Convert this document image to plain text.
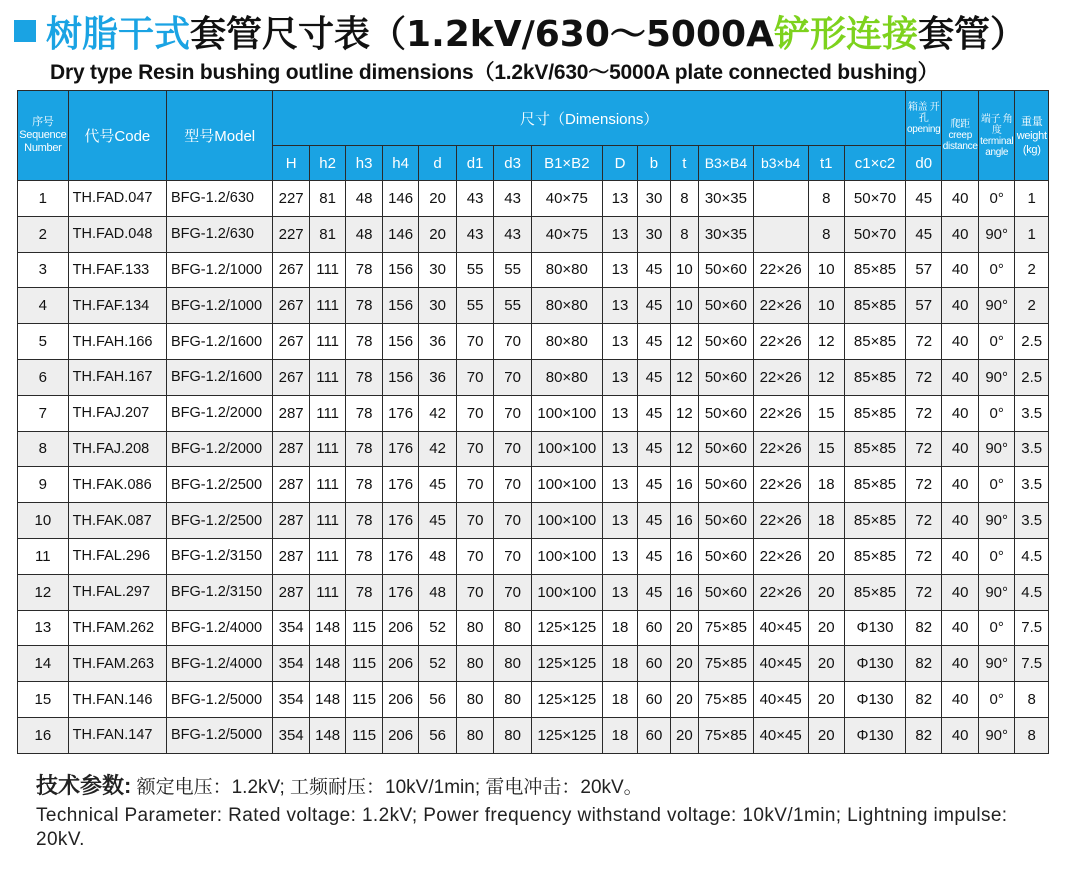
树脂干式 套管尺寸表（1.2kV/630～5000A 铲形连接 套管）
Dry type Resin bushing outline dimensions（1.2kV/630～5000A plate connected bushing）
序号 Sequence Number	代号Code	型号Model	尺寸（Dimensions）															箱盖 开孔 opening	爬距 creep distance	端子 角度 terminal angle	重量 weight (kg)
			H	h2	h3	h4	d	d1	d3	B1×B2	D	b	t	B3×B4	b3×b4	t1	c1×c2	d0			
1	TH.FAD.047	BFG-1.2/630	227	81	48	146	20	43	43	40×75	13	30	8	30×35		8	50×70	45	40	0°	1
2	TH.FAD.048	BFG-1.2/630	227	81	48	146	20	43	43	40×75	13	30	8	30×35		8	50×70	45	40	90°	1
3	TH.FAF.133	BFG-1.2/1000	267	111	78	156	30	55	55	80×80	13	45	10	50×60	22×26	10	85×85	57	40	0°	2
4	TH.FAF.134	BFG-1.2/1000	267	111	78	156	30	55	55	80×80	13	45	10	50×60	22×26	10	85×85	57	40	90°	2
5	TH.FAH.166	BFG-1.2/1600	267	111	78	156	36	70	70	80×80	13	45	12	50×60	22×26	12	85×85	72	40	0°	2.5
6	TH.FAH.167	BFG-1.2/1600	267	111	78	156	36	70	70	80×80	13	45	12	50×60	22×26	12	85×85	72	40	90°	2.5
7	TH.FAJ.207	BFG-1.2/2000	287	111	78	176	42	70	70	100×100	13	45	12	50×60	22×26	15	85×85	72	40	0°	3.5
8	TH.FAJ.208	BFG-1.2/2000	287	111	78	176	42	70	70	100×100	13	45	12	50×60	22×26	15	85×85	72	40	90°	3.5
9	TH.FAK.086	BFG-1.2/2500	287	111	78	176	45	70	70	100×100	13	45	16	50×60	22×26	18	85×85	72	40	0°	3.5
10	TH.FAK.087	BFG-1.2/2500	287	111	78	176	45	70	70	100×100	13	45	16	50×60	22×26	18	85×85	72	40	90°	3.5
11	TH.FAL.296	BFG-1.2/3150	287	111	78	176	48	70	70	100×100	13	45	16	50×60	22×26	20	85×85	72	40	0°	4.5
12	TH.FAL.297	BFG-1.2/3150	287	111	78	176	48	70	70	100×100	13	45	16	50×60	22×26	20	85×85	72	40	90°	4.5
13	TH.FAM.262	BFG-1.2/4000	354	148	115	206	52	80	80	125×125	18	60	20	75×85	40×45	20	Φ130	82	40	0°	7.5
14	TH.FAM.263	BFG-1.2/4000	354	148	115	206	52	80	80	125×125	18	60	20	75×85	40×45	20	Φ130	82	40	90°	7.5
15	TH.FAN.146	BFG-1.2/5000	354	148	115	206	56	80	80	125×125	18	60	20	75×85	40×45	20	Φ130	82	40	0°	8
16	TH.FAN.147	BFG-1.2/5000	354	148	115	206	56	80	80	125×125	18	60	20	75×85	40×45	20	Φ130	82	40	90°	8
技术参数: 额定电压：1.2kV; 工频耐压：10kV/1min; 雷电冲击：20kV。
Technical Parameter: Rated voltage: 1.2kV; Power frequency withstand voltage: 10kV/1min; Lightning impulse: 20kV.
